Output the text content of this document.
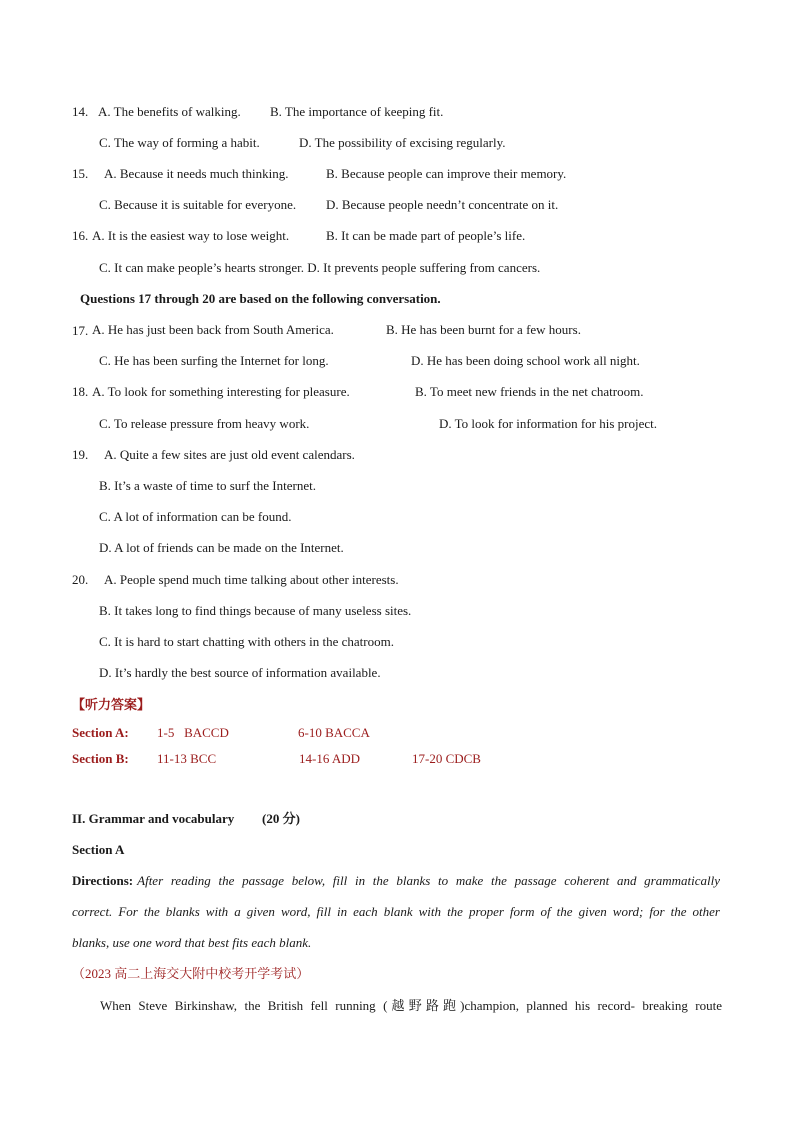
14. A. The benefits of walking. B. The importance of keeping fit.
C. The way of forming a habit.	D. The possibility of excising regularly.
15. A. Because it needs much thinking.	B. Because people can improve their memory.
C. Because it is suitable for everyone. D. Because people needn’t concentrate on it.
16. A. It is the easiest way to lose weight.	B. It can be made part of people’s life.
C. It can make people’s hearts stronger. D. It prevents people suffering from cancers.
Questions 17 through 20 are based on the following conversation.
17. A. He has just been back from South America.	B. He has been burnt for a few hours.
C. He has been surfing the Internet for long.	D. He has been doing school work all night.
18. A. To look for something interesting for pleasure.	B. To meet new friends in the net chatroom.
C. To release pressure from heavy work.	D. To look for information for his project.
19. A. Quite a few sites are just old event calendars.
B. It’s a waste of time to surf the Internet.
C. A lot of information can be found.
D. A lot of friends can be made on the Internet.
20. A. People spend much time talking about other interests.
B. It takes long to find things because of many useless sites.
C. It is hard to start chatting with others in the chatroom.
D. It’s hardly the best source of information available.
【听力答案】
Section A: 1-5   BACCD	6-10 BACCA
Section B: 11-13 BCC	14-16 ADD	17-20 CDCB
II. Grammar and vocabulary (20 分)
Section A
Directions: After reading the passage below, fill in the blanks to make the passage coherent and grammatically
correct. For the blanks with a given word, fill in each blank with the proper form of the given word; for the other
blanks, use one word that best fits each blank.
（2023 高二上海交大附中校考开学考试）
When Steve Birkinshaw, the British fell running (越野路跑)champion, planned his record- breaking route
